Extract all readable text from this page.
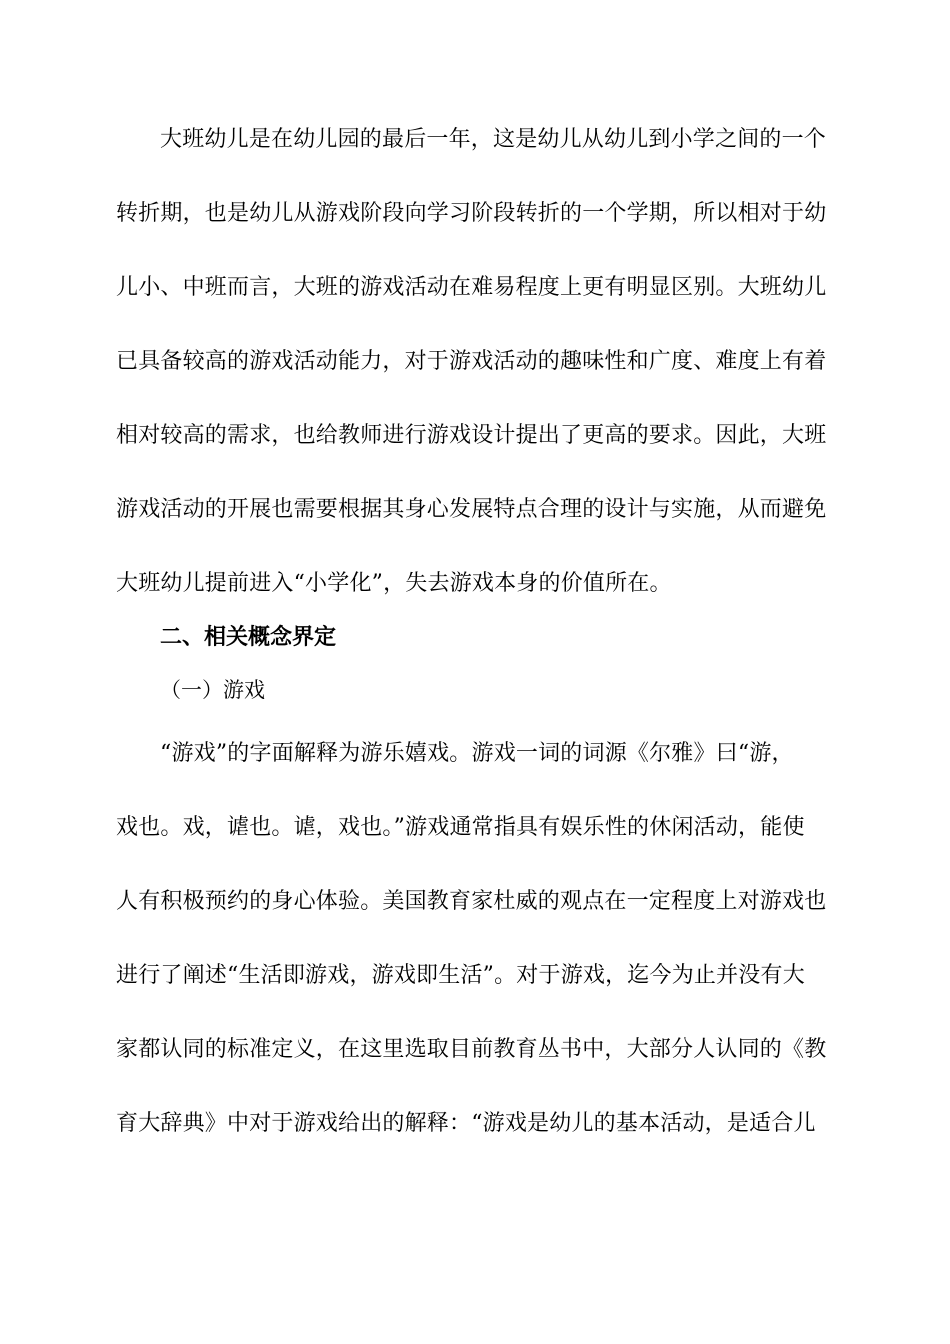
大班幼儿是在幼儿园的最后一年，这是幼儿从幼儿到小学之间的一个
转折期，也是幼儿从游戏阶段向学习阶段转折的一个学期，所以相对于幼
儿小、中班而言，大班的游戏活动在难易程度上更有明显区别。大班幼儿
已具备较高的游戏活动能力，对于游戏活动的趣味性和广度、难度上有着
相对较高的需求，也给教师进行游戏设计提出了更高的要求。因此，大班
游戏活动的开展也需要根据其身心发展特点合理的设计与实施，从而避免
大班幼儿提前进入“小学化”，失去游戏本身的价值所在。
二、相关概念界定
（一）游戏
“游戏”的字面解释为游乐嬉戏。游戏一词的词源《尔雅》曰“游，
戏也。戏，谑也。谑，戏也。”游戏通常指具有娱乐性的休闲活动，能使
人有积极预约的身心体验。美国教育家杜威的观点在一定程度上对游戏也
进行了阐述“生活即游戏，游戏即生活”。对于游戏，迄今为止并没有大
家都认同的标准定义，在这里选取目前教育丛书中，大部分人认同的《教
育大辞典》中对于游戏给出的解释：“游戏是幼儿的基本活动，是适合儿
